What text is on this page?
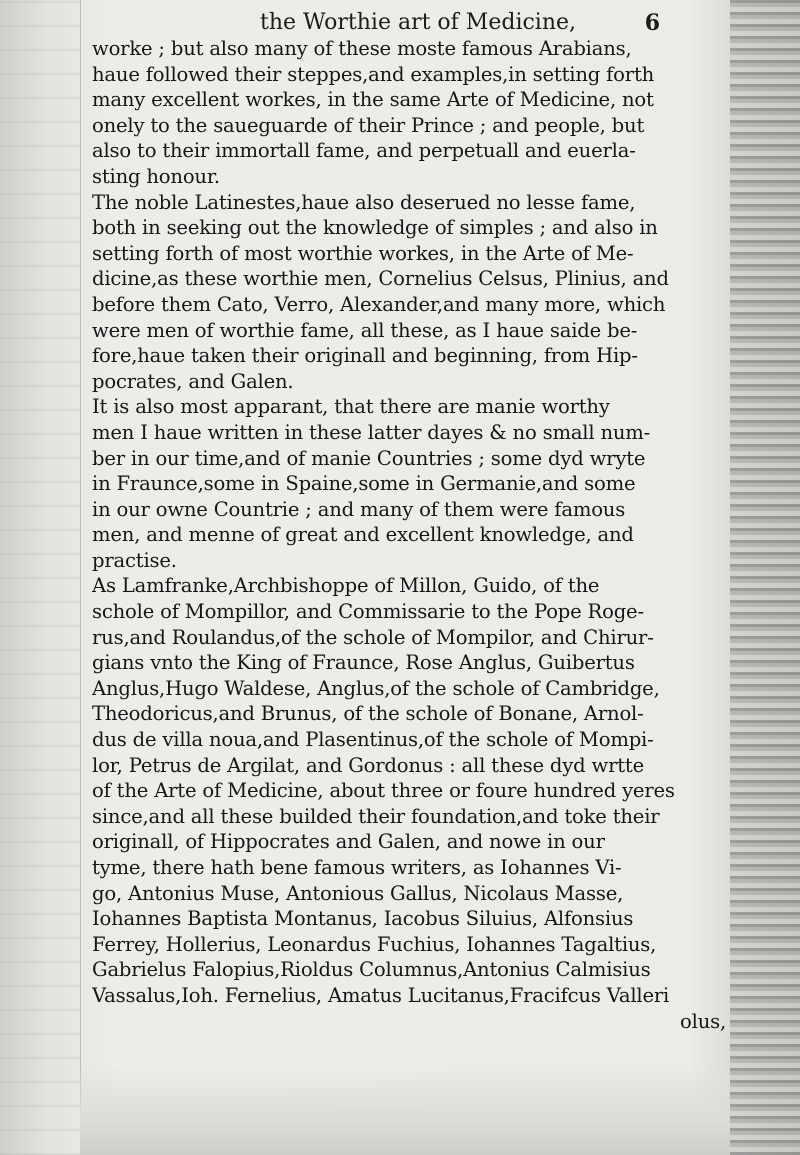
the Worthie art of Medicine,	6
worke ; but also many of these moste famous Arabians,
haue followed their steppes,and examples,in setting forth
many excellent workes, in the same Arte of Medicine, not
onely to the saueguarde of their Prince ; and people, but
also to their immortall fame, and perpetuall and euerla-
sting honour.
The noble Latinestes,haue also deserued no lesse fame,
both in seeking out the knowledge of simples ; and also in
setting forth of most worthie workes, in the Arte of Me-
dicine,as these worthie men, Cornelius Celsus, Plinius, and
before them Cato, Verro, Alexander,and many more, which
were men of worthie fame, all these, as I haue saide be-
fore,haue taken their originall and beginning, from Hip-
pocrates, and Galen.
It is also most apparant, that there are manie worthy
men I haue written in these latter dayes & no small num-
ber in our time,and of manie Countries ; some dyd wryte
in Fraunce,some in Spaine,some in Germanie,and some
in our owne Countrie ; and many of them were famous
men, and menne of great and excellent knowledge, and
practise.
As Lamfranke,Archbishoppe of Millon, Guido, of the
schole of Mompillor, and Commissarie to the Pope Roge-
rus,and Roulandus,of the schole of Mompilor, and Chirur-
gians vnto the King of Fraunce, Rose Anglus, Guibertus
Anglus,Hugo Waldese, Anglus,of the schole of Cambridge,
Theodoricus,and Brunus, of the schole of Bonane, Arnol-
dus de villa noua,and Plasentinus,of the schole of Mompi-
lor, Petrus de Argilat, and Gordonus : all these dyd wrtte
of the Arte of Medicine, about three or foure hundred yeres
since,and all these builded their foundation,and toke their
originall, of Hippocrates and Galen, and nowe in our
tyme, there hath bene famous writers, as Iohannes Vi-
go, Antonius Muse, Antonious Gallus, Nicolaus Masse,
Iohannes Baptista Montanus, Iacobus Siluius, Alfonsius
Ferrey, Hollerius, Leonardus Fuchius, Iohannes Tagaltius,
Gabrielus Falopius,Rioldus Columnus,Antonius Calmisius
Vassalus,Ioh. Fernelius, Amatus Lucitanus,Fracifcus Valleri
olus,
